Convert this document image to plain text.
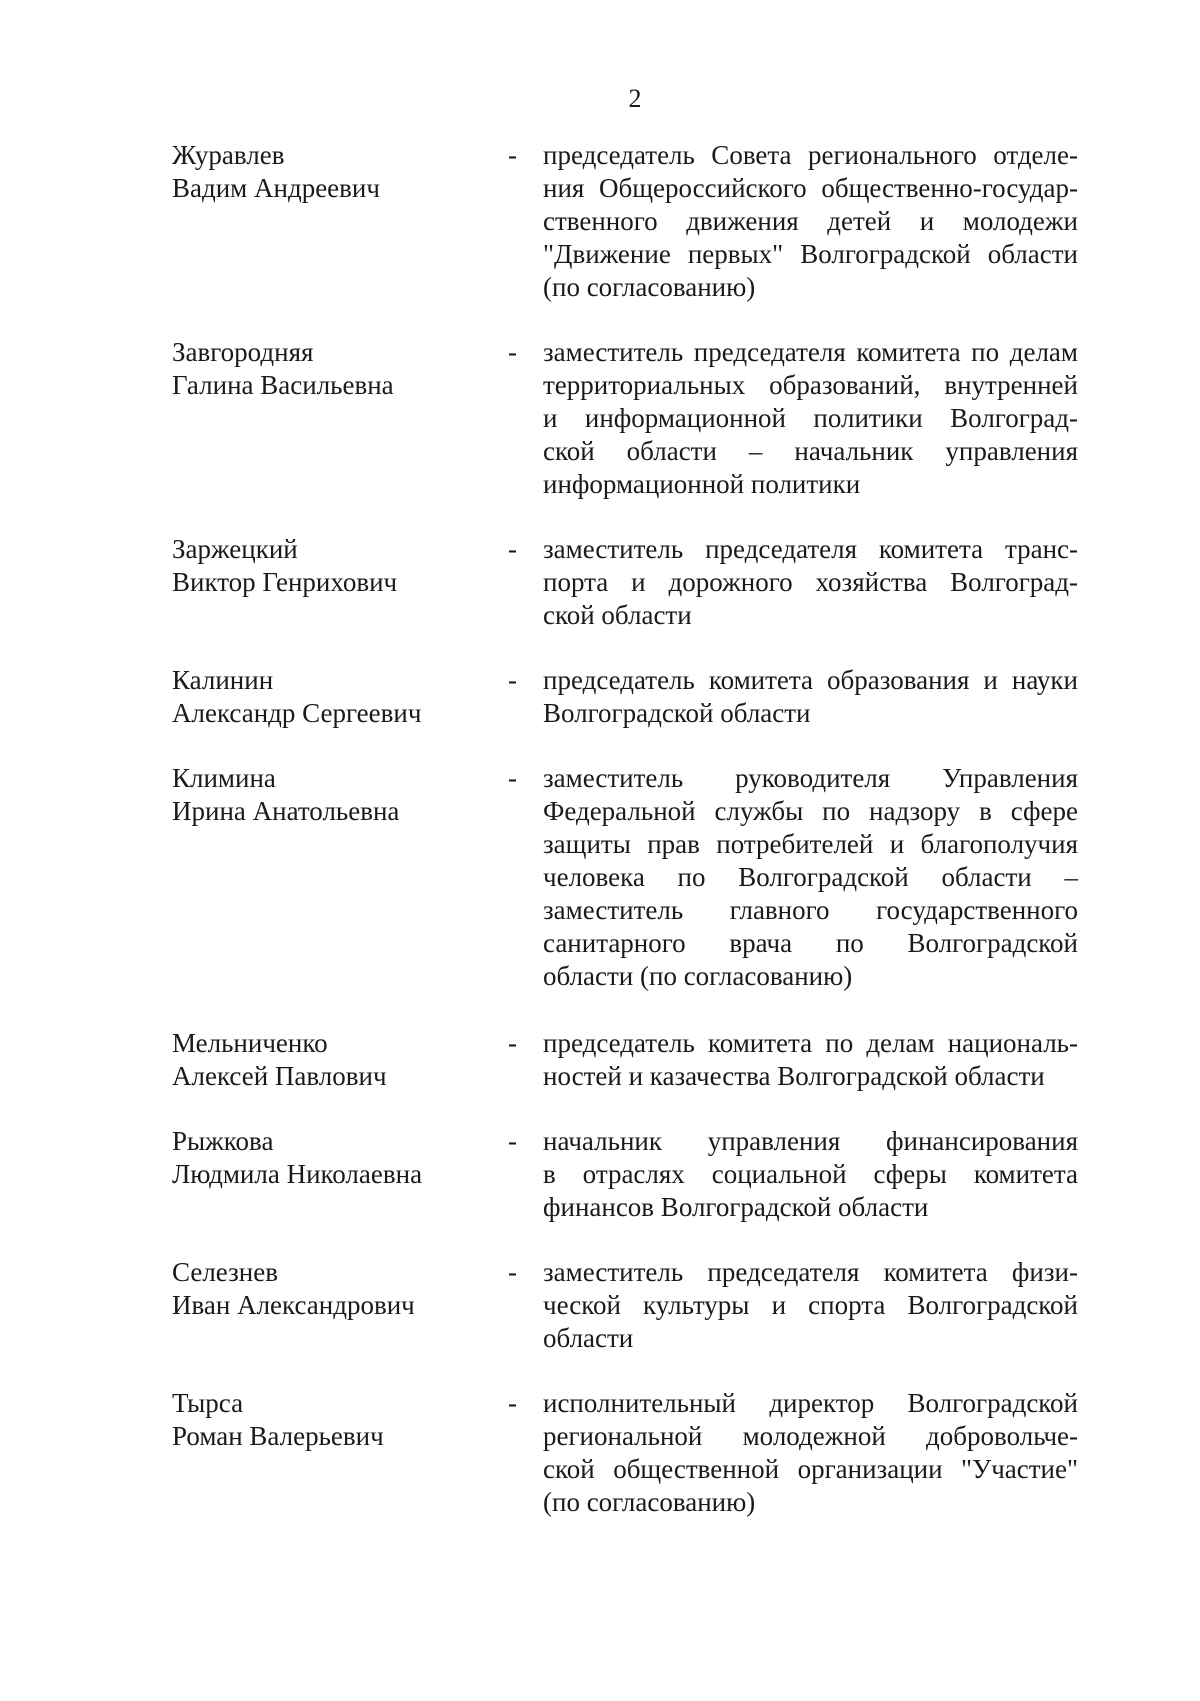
2
Журавлев
Вадим Андреевич
- председатель Совета регионального отделе-
ния Общероссийского общественно-государ-
ственного движения детей и молодежи
"Движение первых" Волгоградской области
(по согласованию)
Завгородняя
Галина Васильевна
- заместитель председателя комитета по делам
территориальных образований, внутренней
и информационной политики Волгоград-
ской области – начальник управления
информационной политики
Заржецкий
Виктор Генрихович
- заместитель председателя комитета транс-
порта и дорожного хозяйства Волгоград-
ской области
Калинин
Александр Сергеевич
- председатель комитета образования и науки
Волгоградской области
Климина
Ирина Анатольевна
- заместитель руководителя Управления
Федеральной службы по надзору в сфере
защиты прав потребителей и благополучия
человека по Волгоградской области –
заместитель главного государственного
санитарного врача по Волгоградской
области (по согласованию)
Мельниченко
Алексей Павлович
- председатель комитета по делам националь-
ностей и казачества Волгоградской области
Рыжкова
Людмила Николаевна
- начальник управления финансирования
в отраслях социальной сферы комитета
финансов Волгоградской области
Селезнев
Иван Александрович
- заместитель председателя комитета физи-
ческой культуры и спорта Волгоградской
области
Тырса
Роман Валерьевич
- исполнительный директор Волгоградской
региональной молодежной добровольче-
ской общественной организации "Участие"
(по согласованию)
